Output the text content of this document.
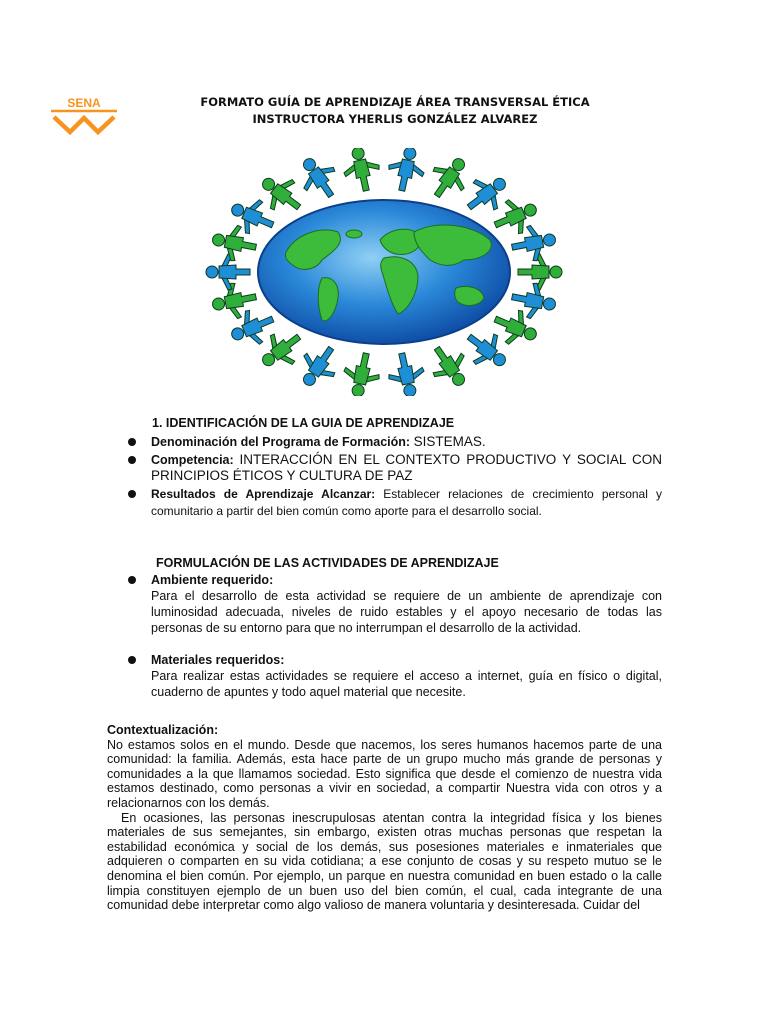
SENA	FORMATO GUÍA DE APRENDIZAJE ÁREA TRANSVERSAL ÉTICA
INSTRUCTORA YHERLIS GONZÁLEZ ALVAREZ
1. IDENTIFICACIÓN DE LA GUIA DE APRENDIZAJE

Denominación del Programa de Formación: SISTEMAS.

Competencia: INTERACCIÓN EN EL CONTEXTO PRODUCTIVO Y SOCIAL CON PRINCIPIOS ÉTICOS Y CULTURA DE PAZ

Resultados de Aprendizaje Alcanzar: Establecer relaciones de crecimiento personal y comunitario a partir del bien común como aporte para el desarrollo social.

FORMULACIÓN DE LAS ACTIVIDADES DE APRENDIZAJE
Ambiente requerido:
Para el desarrollo de esta actividad se requiere de un ambiente de aprendizaje con luminosidad adecuada, niveles de ruido estables y el apoyo necesario de todas las personas de su entorno para que no interrumpan el desarrollo de la actividad.
Materiales requeridos:
Para realizar estas actividades se requiere el acceso a internet, guía en físico o digital, cuaderno de apuntes y todo aquel material que necesite.

Contextualización:

No estamos solos en el mundo. Desde que nacemos, los seres humanos hacemos parte de una comunidad: la familia. Además, esta hace parte de un grupo mucho más grande de personas y comunidades a la que llamamos sociedad. Esto significa que desde el comienzo de nuestra vida estamos destinado, como personas a vivir en sociedad, a compartir Nuestra vida con otros y a relacionarnos con los demás.

En ocasiones, las personas inescrupulosas atentan contra la integridad física y los bienes materiales de sus semejantes, sin embargo, existen otras muchas personas que respetan la estabilidad económica y social de los demás, sus posesiones materiales e inmateriales que adquieren o comparten en su vida cotidiana; a ese conjunto de cosas y su respeto mutuo se le denomina el bien común. Por ejemplo, un parque en nuestra comunidad en buen estado o la calle limpia constituyen ejemplo de un buen uso del bien común, el cual, cada integrante de una comunidad debe interpretar como algo valioso de manera voluntaria y desinteresada. Cuidar del
